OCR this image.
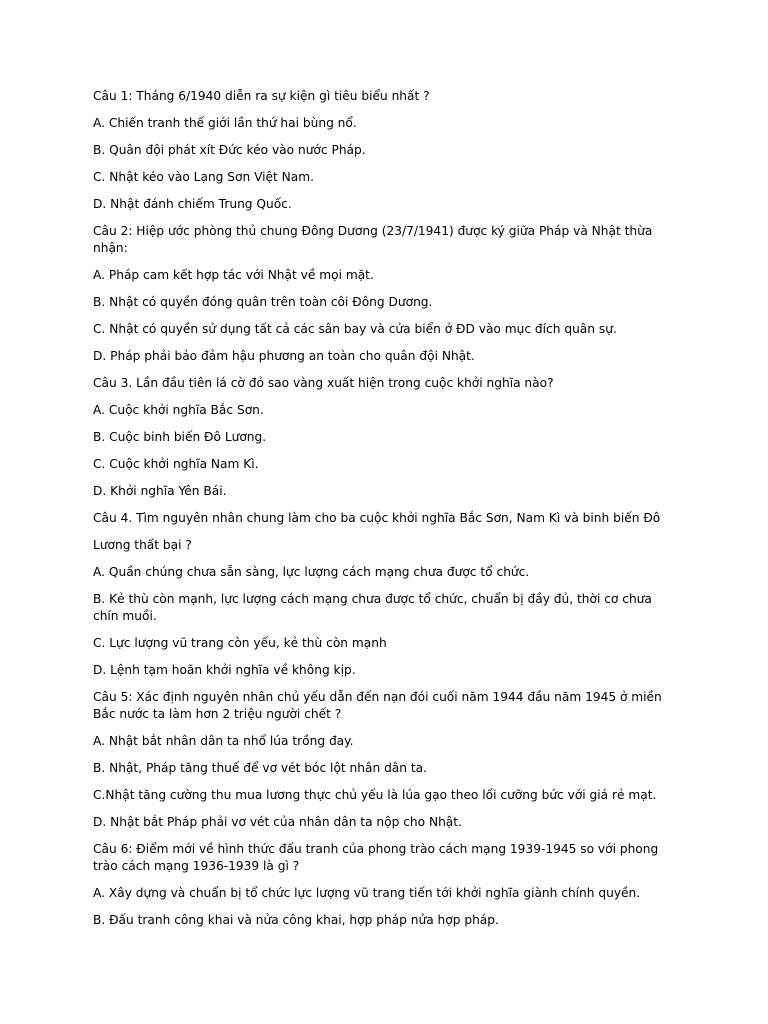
Câu 1: Tháng 6/1940 diễn ra sự kiện gì tiêu biểu nhất ?

A. Chiến tranh thế giới lần thứ hai bùng nổ.

B. Quân đội phát xít Đức kéo vào nước Pháp.

C. Nhật kéo vào Lạng Sơn Việt Nam.

D. Nhật đánh chiếm Trung Quốc.

Câu 2: Hiệp ước phòng thủ chung Đông Dương (23/7/1941) được ký giữa Pháp và Nhật thừa nhận:

A. Pháp cam kết hợp tác với Nhật về mọi mặt.

B. Nhật có quyền đóng quân trên toàn côi Đông Dương.

C. Nhật có quyền sử dụng tất cả các sân bay và cửa biển ở ĐD vào mục đích quân sự.

D. Pháp phải bảo đảm hậu phương an toàn cho quân đội Nhật.

Câu 3. Lần đầu tiên lá cờ đỏ sao vàng xuất hiện trong cuộc khởi nghĩa nào?

A. Cuộc khởi nghĩa Bắc Sơn.

B. Cuộc binh biến Đô Lương.

C. Cuộc khởi nghĩa Nam Kì.

D. Khởi nghĩa Yên Bái.

Câu 4. Tìm nguyên nhân chung làm cho ba cuộc khởi nghĩa Bắc Sơn, Nam Kì và binh biến Đô

Lương thất bại ?

A. Quần chúng chưa sẵn sàng, lực lượng cách mạng chưa được tổ chức.

B. Kẻ thù còn mạnh, lực lượng cách mạng chưa được tổ chức, chuẩn bị đầy đủ, thời cơ chưa chín muồi.

C. Lực lượng vũ trang còn yếu, kẻ thù còn mạnh

D. Lệnh tạm hoãn khởi nghĩa về không kịp.

Câu 5: Xác định nguyên nhân chủ yếu dẫn đến nạn đói cuối năm 1944 đầu năm 1945 ở miền Bắc nước ta làm hơn 2 triệu người chết ?

A. Nhật bắt nhân dân ta nhổ lúa trồng đay.

B. Nhật, Pháp tăng thuế để vơ vét bóc lột nhân dân ta.

C.Nhật tăng cường thu mua lương thực chủ yếu là lúa gạo theo lối cưỡng bức với giá rẻ mạt.

D. Nhật bắt Pháp phải vơ vét của nhân dân ta nộp cho Nhật.

Câu 6: Điểm mới về hình thức đấu tranh của phong trào cách mạng 1939-1945 so với phong trào cách mạng 1936-1939 là gì ?

A. Xây dựng và chuẩn bị tổ chức lực lượng vũ trang tiến tới khởi nghĩa giành chính quyền.

B. Đấu tranh công khai và nửa công khai, hợp pháp nửa hợp pháp.
